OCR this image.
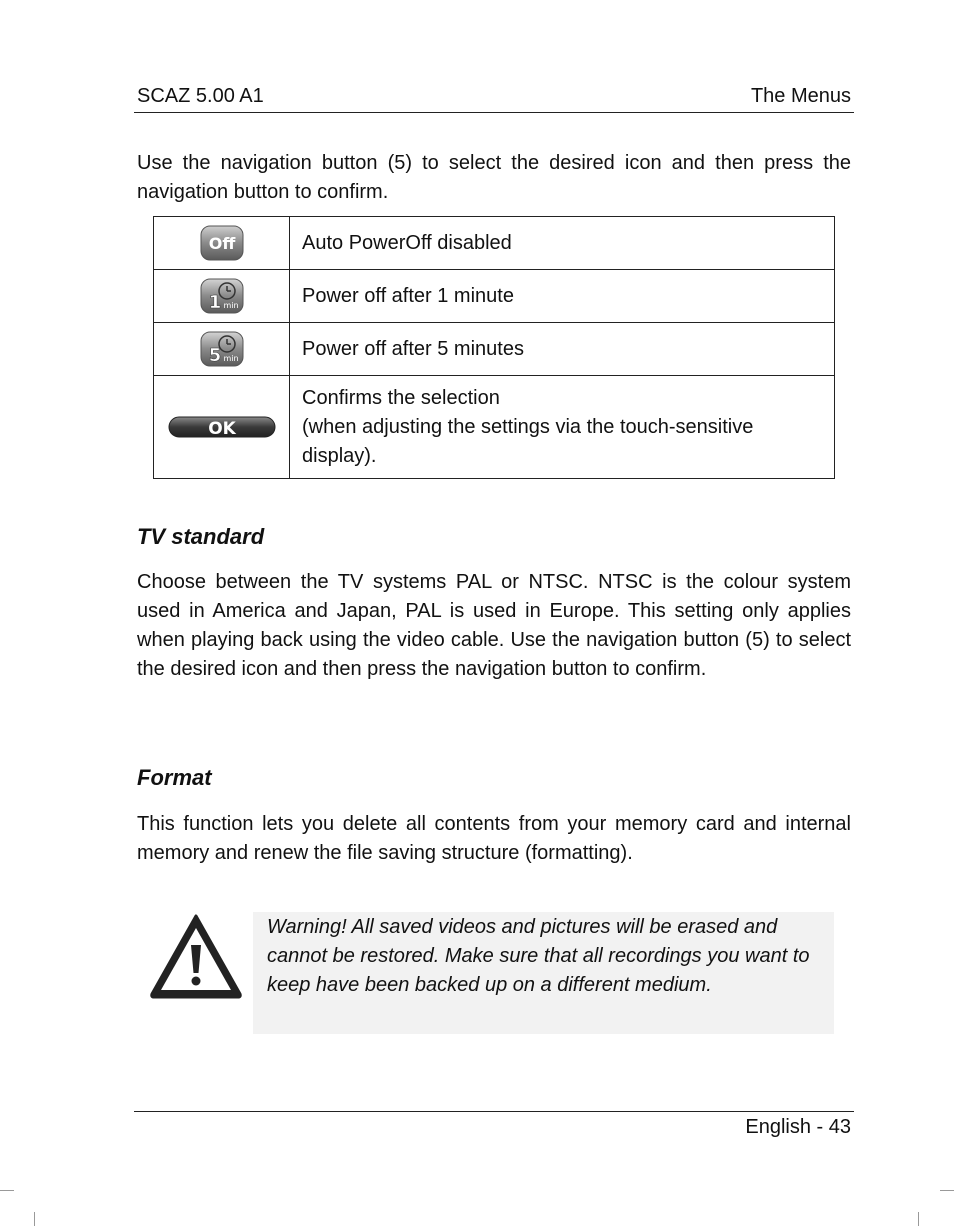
SCAZ 5.00 A1	The Menus

Use the navigation button (5) to select the desired icon and then press the navigation button to confirm.

Off	Auto PowerOff disabled

1 min	Power off after 1 minute

5 min	Power off after 5 minutes

OK	Confirms the selection
(when adjusting the settings via the touch-sensitive display).
TV standard

Choose between the TV systems PAL or NTSC. NTSC is the colour system used in America and Japan, PAL is used in Europe. This setting only applies when playing back using the video cable. Use the navigation button (5) to select the desired icon and then press the navigation button to confirm.

Format

This function lets you delete all contents from your memory card and internal memory and renew the file saving structure (formatting).

Warning! All saved videos and pictures will be erased and cannot be restored. Make sure that all recordings you want to keep have been backed up on a different medium.

English - 43
